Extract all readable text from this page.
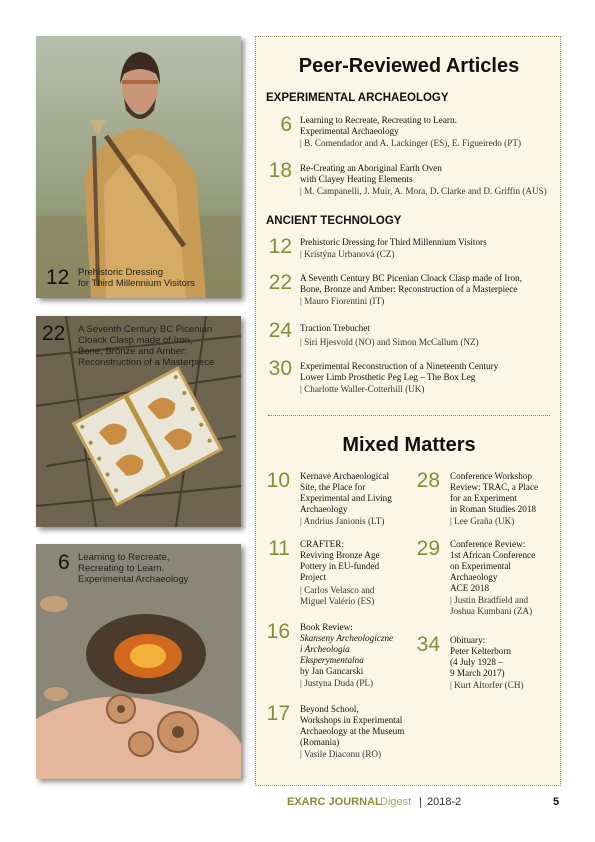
12 Prehistoric Dressing
for Third Millennium Visitors
22 A Seventh Century BC Picenian
Cloack Clasp made of Iron,
Bone, Bronze and Amber:
Reconstruction of a Masterpiece
6 Learning to Recreate,
Recreating to Learn.
Experimental Archaeology
Peer-Reviewed Articles
EXPERIMENTAL ARCHAEOLOGY
6 Learning to Recreate, Recreating to Learn.
Experimental Archaeology
| B. Comendador and A. Lackinger (ES), E. Figueiredo (PT)
18 Re-Creating an Aboriginal Earth Oven
with Clayey Heating Elements
| M. Campanelli, J. Muir, A. Mora, D. Clarke and D. Griffin (AUS)
ANCIENT TECHNOLOGY
12 Prehistoric Dressing for Third Millennium Visitors
| Kristýna Urbanová (CZ)
22 A Seventh Century BC Picenian Cloack Clasp made of Iron,
Bone, Bronze and Amber: Reconstruction of a Masterpiece
| Mauro Fiorentini (IT)
24 Traction Trebuchet
| Siri Hjesvold (NO) and Simon McCallum (NZ)
30 Experimental Reconstruction of a Nineteenth Century
Lower Limb Prosthetic Peg Leg – The Box Leg
| Charlotte Waller-Cotterhill (UK)
Mixed Matters
10 Kernavė Archaeological
Site, the Place for
Experimental and Living
Archaeology
| Andrius Janionis (LT)
11 CRAFTER:
Reviving Bronze Age
Pottery in EU-funded
Project
| Carlos Velasco and
Miguel Valério (ES)
16 Book Review:
Skanseny Archeologiczne
i Archeologia
Eksperymentalna
by Jan Gancarski
| Justyna Duda (PL)
17 Beyond School,
Workshops in Experimental
Archaeology at the Museum
(Romania)
| Vasile Diaconu (RO)
28 Conference Workshop
Review: TRAC, a Place
for an Experiment
in Roman Studies 2018
| Lee Graña (UK)
29 Conference Review:
1st African Conference
on Experimental
Archaeology
ACE 2018
| Justin Bradfield and
Joshua Kumbani (ZA)
34 Obituary:
Peter Kelterborn
(4 July 1928 –
9 March 2017)
| Kurt Altorfer (CH)
EXARC JOURNAL
Digest | 2018-2	5
